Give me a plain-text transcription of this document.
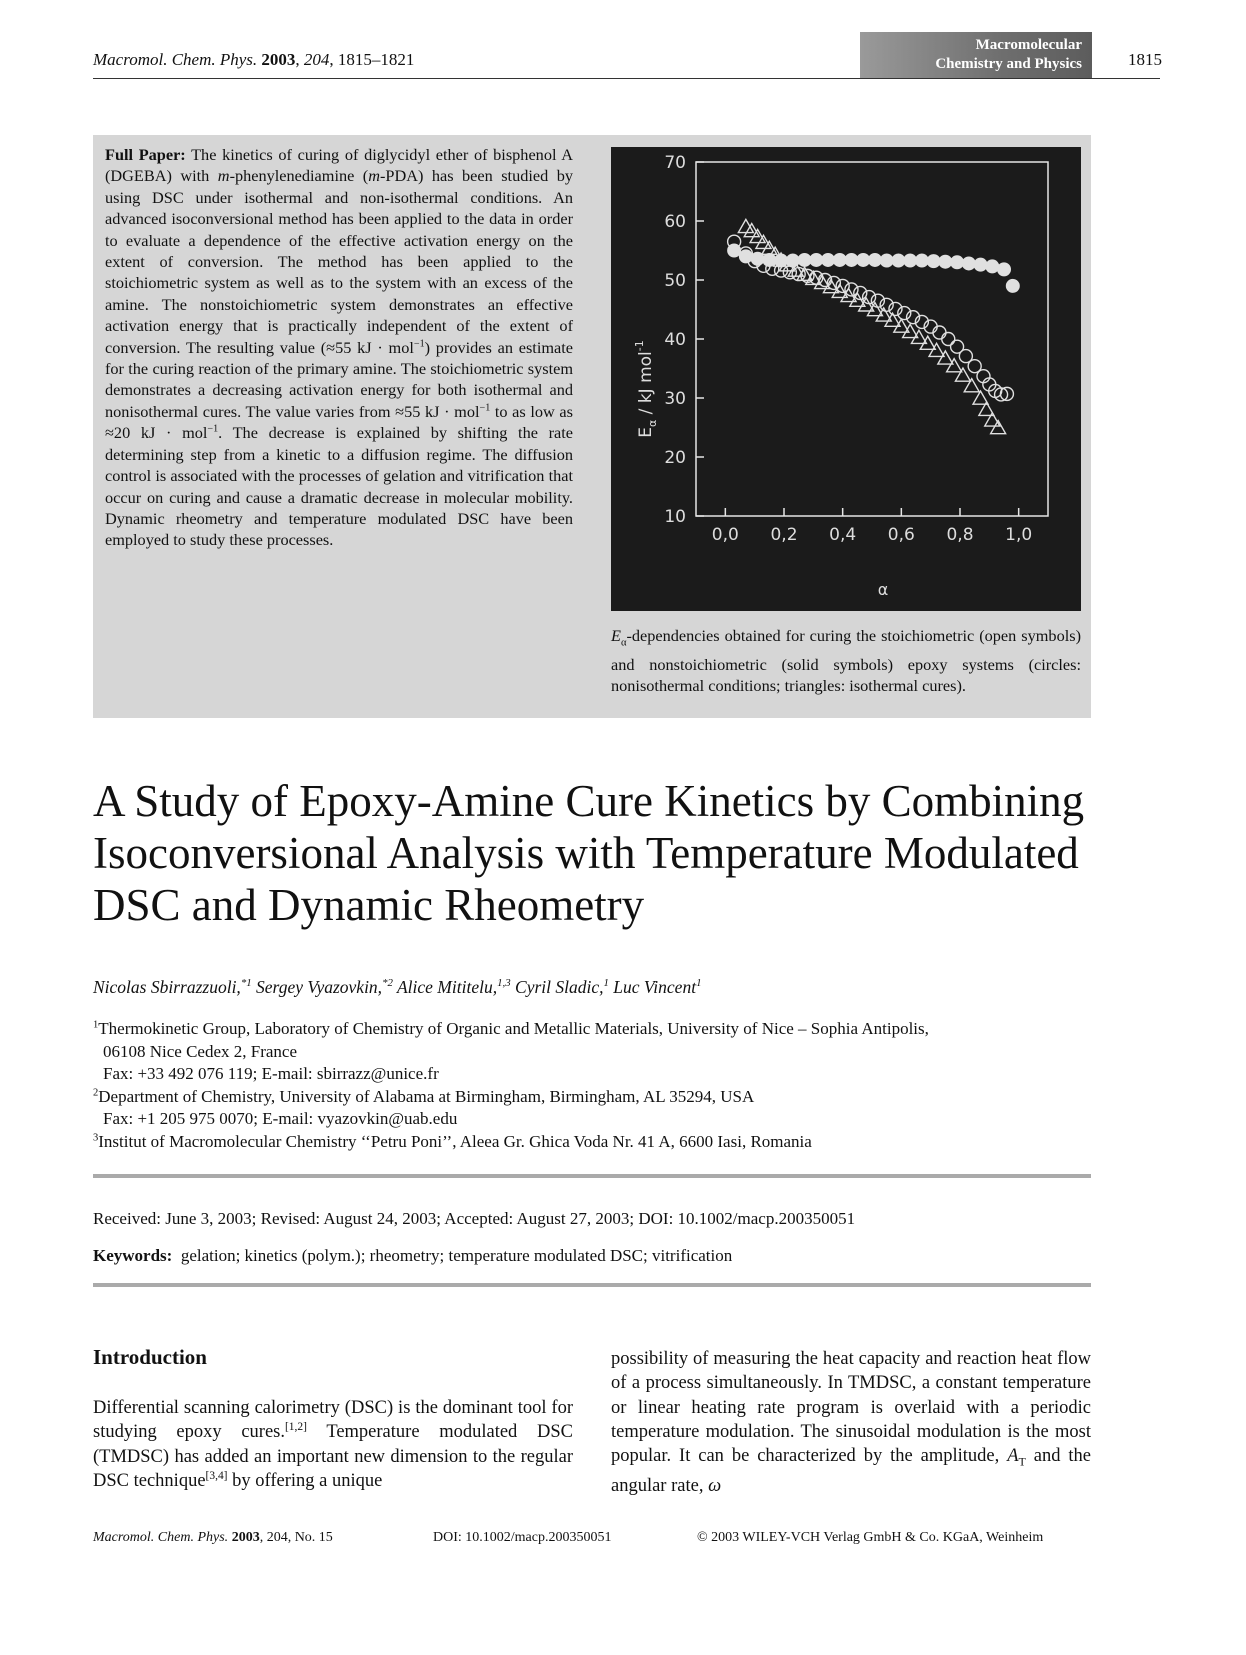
Macromol. Chem. Phys. 2003, 204, 1815–1821
Macromolecular
Chemistry and Physics	1815
Full Paper: The kinetics of curing of diglycidyl ether of bisphenol A (DGEBA) with m-phenylenediamine (m-PDA) has been studied by using DSC under isothermal and non-isothermal conditions. An advanced isoconversional method has been applied to the data in order to evaluate a dependence of the effective activation energy on the extent of conversion. The method has been applied to the stoichiometric system as well as to the system with an excess of the amine. The nonstoichiometric system demonstrates an effective activation energy that is practically independent of the extent of conversion. The resulting value (≈55 kJ · mol$^{-1}$) provides an estimate for the curing reaction of the primary amine. The stoichiometric system demonstrates a decreasing activation energy for both isothermal and nonisothermal cures. The value varies from ≈55 kJ · mol$^{-1}$ to as low as ≈20 kJ · mol$^{-1}$. The decrease is explained by shifting the rate determining step from a kinetic to a diffusion regime. The diffusion control is associated with the processes of gelation and vitrification that occur on curing and cause a dramatic decrease in molecular mobility. Dynamic rheometry and temperature modulated DSC have been employed to study these processes.	0,0 0,2 0,4 0,6 0,8 1,0
10
20
30
40
50
60
70
α
$E_\alpha$ / kJ mol$^{-1}$
$E_\alpha$-dependencies obtained for curing the stoichiometric (open symbols) and nonstoichiometric (solid symbols) epoxy systems (circles: nonisothermal conditions; triangles: isothermal cures).
A Study of Epoxy-Amine Cure Kinetics by Combining Isoconversional Analysis with Temperature Modulated DSC and Dynamic Rheometry
Nicolas Sbirrazzuoli,$^{*1}$ Sergey Vyazovkin,$^{*2}$ Alice Mititelu,$^{1,3}$ Cyril Sladic,$^1$ Luc Vincent$^1$
$^1$Thermokinetic Group, Laboratory of Chemistry of Organic and Metallic Materials, University of Nice – Sophia Antipolis,
06108 Nice Cedex 2, France
Fax: +33 492 076 119; E-mail: sbirrazz@unice.fr
$^2$Department of Chemistry, University of Alabama at Birmingham, Birmingham, AL 35294, USA
Fax: +1 205 975 0070; E-mail: vyazovkin@uab.edu
$^3$Institut of Macromolecular Chemistry ‘‘Petru Poni’’, Aleea Gr. Ghica Voda Nr. 41 A, 6600 Iasi, Romania
Received: June 3, 2003; Revised: August 24, 2003; Accepted: August 27, 2003; DOI: 10.1002/macp.200350051
Keywords: gelation; kinetics (polym.); rheometry; temperature modulated DSC; vitrification
Introduction
Differential scanning calorimetry (DSC) is the dominant tool for studying epoxy cures.[1,2] Temperature modulated DSC (TMDSC) has added an important new dimension to the regular DSC technique[3,4] by offering a unique
possibility of measuring the heat capacity and reaction heat flow of a process simultaneously. In TMDSC, a constant temperature or linear heating rate program is overlaid with a periodic temperature modulation. The sinusoidal modulation is the most popular. It can be characterized by the amplitude, $A_T$ and the angular rate, ω
Macromol. Chem. Phys. 2003, 204, No. 15	DOI: 10.1002/macp.200350051	© 2003 WILEY-VCH Verlag GmbH & Co. KGaA, Weinheim
